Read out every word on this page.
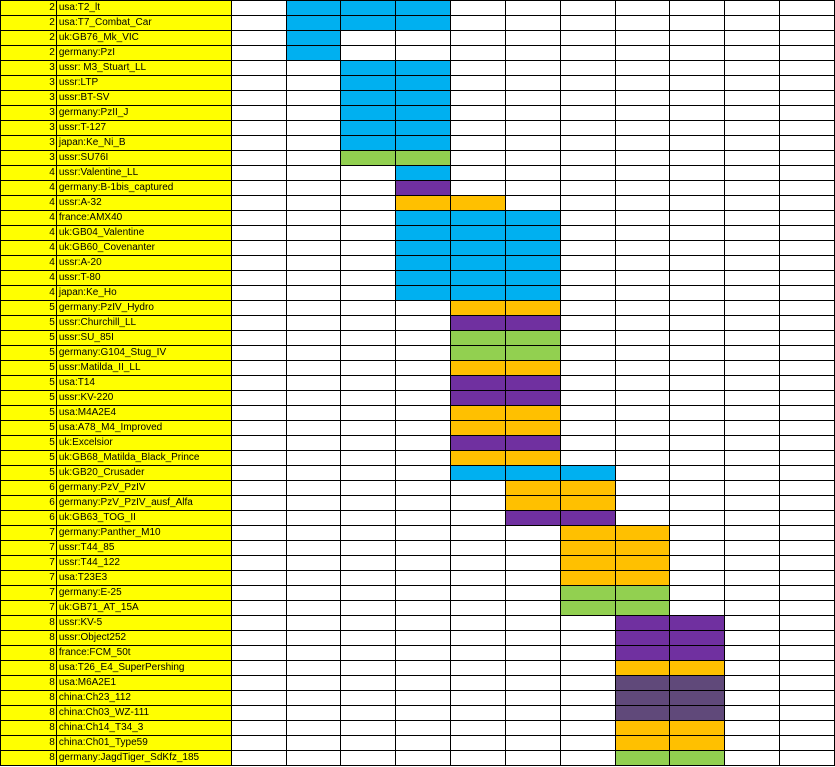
2	usa:T2_lt											
2	usa:T7_Combat_Car											
2	uk:GB76_Mk_VIC											
2	germany:PzI											
3	ussr: M3_Stuart_LL											
3	ussr:LTP											
3	ussr:BT-SV											
3	germany:PzII_J											
3	ussr:T-127											
3	japan:Ke_Ni_B											
3	ussr:SU76I											
4	ussr:Valentine_LL											
4	germany:B-1bis_captured											
4	ussr:A-32											
4	france:AMX40											
4	uk:GB04_Valentine											
4	uk:GB60_Covenanter											
4	ussr:A-20											
4	ussr:T-80											
4	japan:Ke_Ho											
5	germany:PzIV_Hydro											
5	ussr:Churchill_LL											
5	ussr:SU_85I											
5	germany:G104_Stug_IV											
5	ussr:Matilda_II_LL											
5	usa:T14											
5	ussr:KV-220											
5	usa:M4A2E4											
5	usa:A78_M4_Improved											
5	uk:Excelsior											
5	uk:GB68_Matilda_Black_Prince											
5	uk:GB20_Crusader											
6	germany:PzV_PzIV											
6	germany:PzV_PzIV_ausf_Alfa											
6	uk:GB63_TOG_II											
7	germany:Panther_M10											
7	ussr:T44_85											
7	ussr:T44_122											
7	usa:T23E3											
7	germany:E-25											
7	uk:GB71_AT_15A											
8	ussr:KV-5											
8	ussr:Object252											
8	france:FCM_50t											
8	usa:T26_E4_SuperPershing											
8	usa:M6A2E1											
8	china:Ch23_112											
8	china:Ch03_WZ-111											
8	china:Ch14_T34_3											
8	china:Ch01_Type59											
8	germany:JagdTiger_SdKfz_185											
